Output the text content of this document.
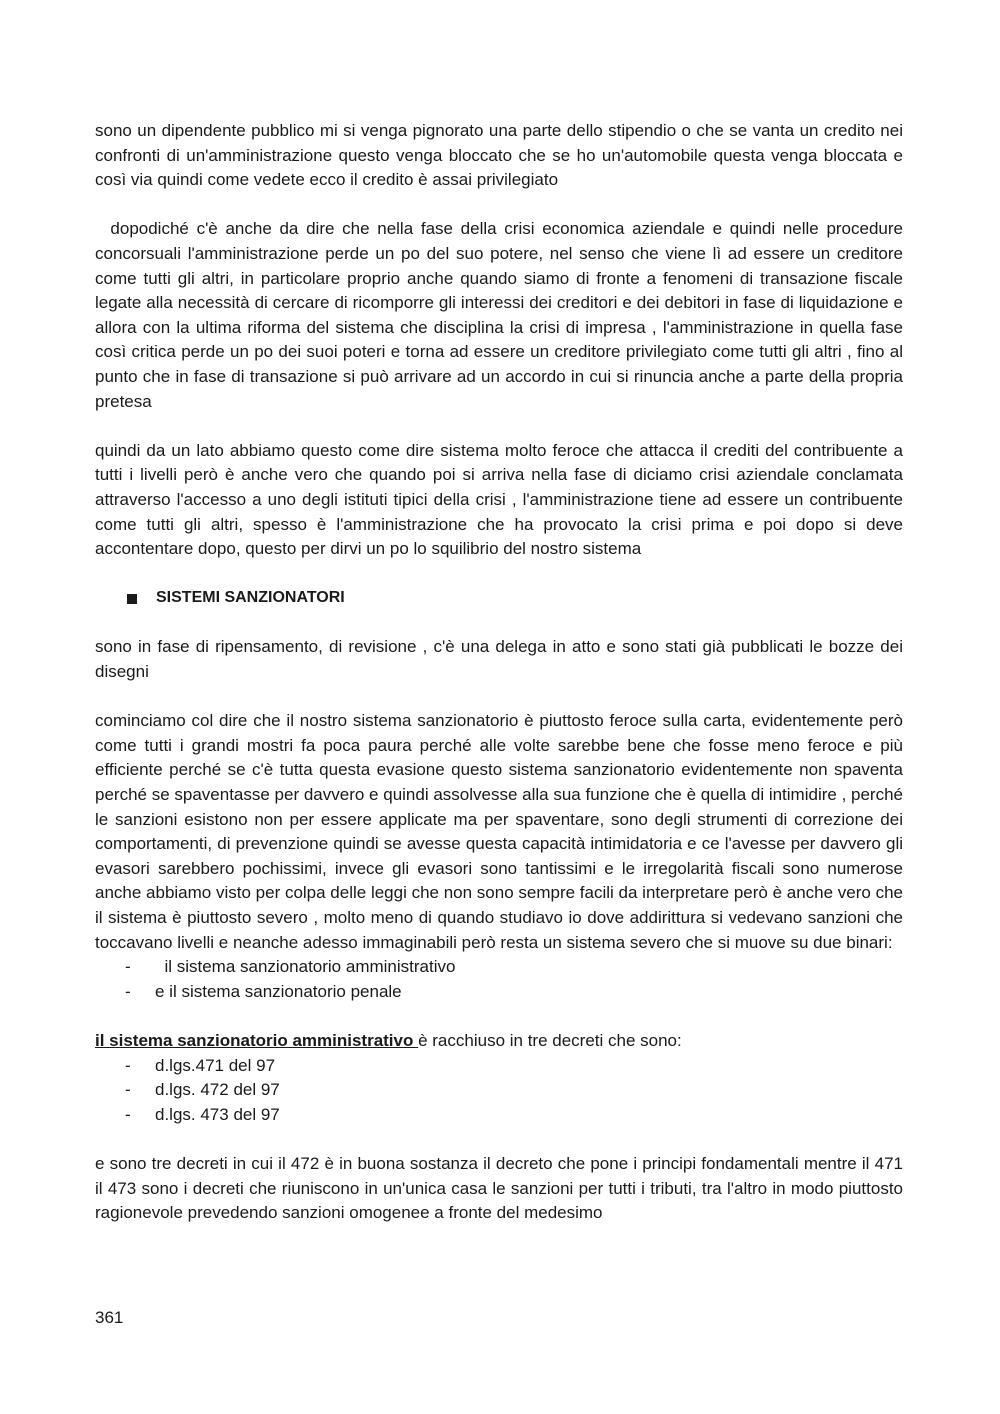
sono un dipendente pubblico mi si venga pignorato una parte dello stipendio o che se vanta un credito nei confronti di un'amministrazione questo venga bloccato che se ho un'automobile questa venga bloccata e così via quindi come vedete ecco il credito è assai privilegiato

dopodiché c'è anche da dire che nella fase della crisi economica aziendale e quindi nelle procedure concorsuali l'amministrazione perde un po del suo potere, nel senso che viene lì ad essere un creditore come tutti gli altri, in particolare proprio anche quando siamo di fronte a fenomeni di transazione fiscale legate alla necessità di cercare di ricomporre gli interessi dei creditori e dei debitori in fase di liquidazione e allora con la ultima riforma del sistema che disciplina la crisi di impresa , l'amministrazione in quella fase così critica perde un po dei suoi poteri e torna ad essere un creditore privilegiato come tutti gli altri , fino al punto che in fase di transazione si può arrivare ad un accordo in cui si rinuncia anche a parte della propria pretesa

quindi da un lato abbiamo questo come dire sistema molto feroce che attacca il crediti del contribuente a tutti i livelli però è anche vero che quando poi si arriva nella fase di diciamo crisi aziendale conclamata attraverso l'accesso a uno degli istituti tipici della crisi , l'amministrazione tiene ad essere un contribuente come tutti gli altri, spesso è l'amministrazione che ha provocato la crisi prima e poi dopo si deve accontentare dopo, questo per dirvi un po lo squilibrio del nostro sistema

SISTEMI SANZIONATORI

sono in fase di ripensamento, di revisione , c'è una delega in atto e sono stati già pubblicati le bozze dei disegni

cominciamo col dire che il nostro sistema sanzionatorio è piuttosto feroce sulla carta, evidentemente però come tutti i grandi mostri fa poca paura perché alle volte sarebbe bene che fosse meno feroce e più efficiente perché se c'è tutta questa evasione questo sistema sanzionatorio evidentemente non spaventa perché se spaventasse per davvero e quindi assolvesse alla sua funzione che è quella di intimidire , perché le sanzioni esistono non per essere applicate ma per spaventare, sono degli strumenti di correzione dei comportamenti, di prevenzione quindi se avesse questa capacità intimidatoria e ce l'avesse per davvero gli evasori sarebbero pochissimi, invece gli evasori sono tantissimi e le irregolarità fiscali sono numerose anche abbiamo visto per colpa delle leggi che non sono sempre facili da interpretare però è anche vero che il sistema è piuttosto severo , molto meno di quando studiavo io dove addirittura si vedevano sanzioni che toccavano livelli e neanche adesso immaginabili però resta un sistema severo che si muove su due binari:

-	il sistema sanzionatorio amministrativo
-	e il sistema sanzionatorio penale

il sistema sanzionatorio amministrativo è racchiuso in tre decreti che sono:

-	d.lgs.471 del 97
-	d.lgs. 472 del 97
-	d.lgs. 473 del 97

e sono tre decreti in cui il 472 è in buona sostanza il decreto che pone i principi fondamentali mentre il 471 il 473 sono i decreti che riuniscono in un'unica casa le sanzioni per tutti i tributi, tra l'altro in modo piuttosto ragionevole prevedendo sanzioni omogenee a fronte del medesimo

361
